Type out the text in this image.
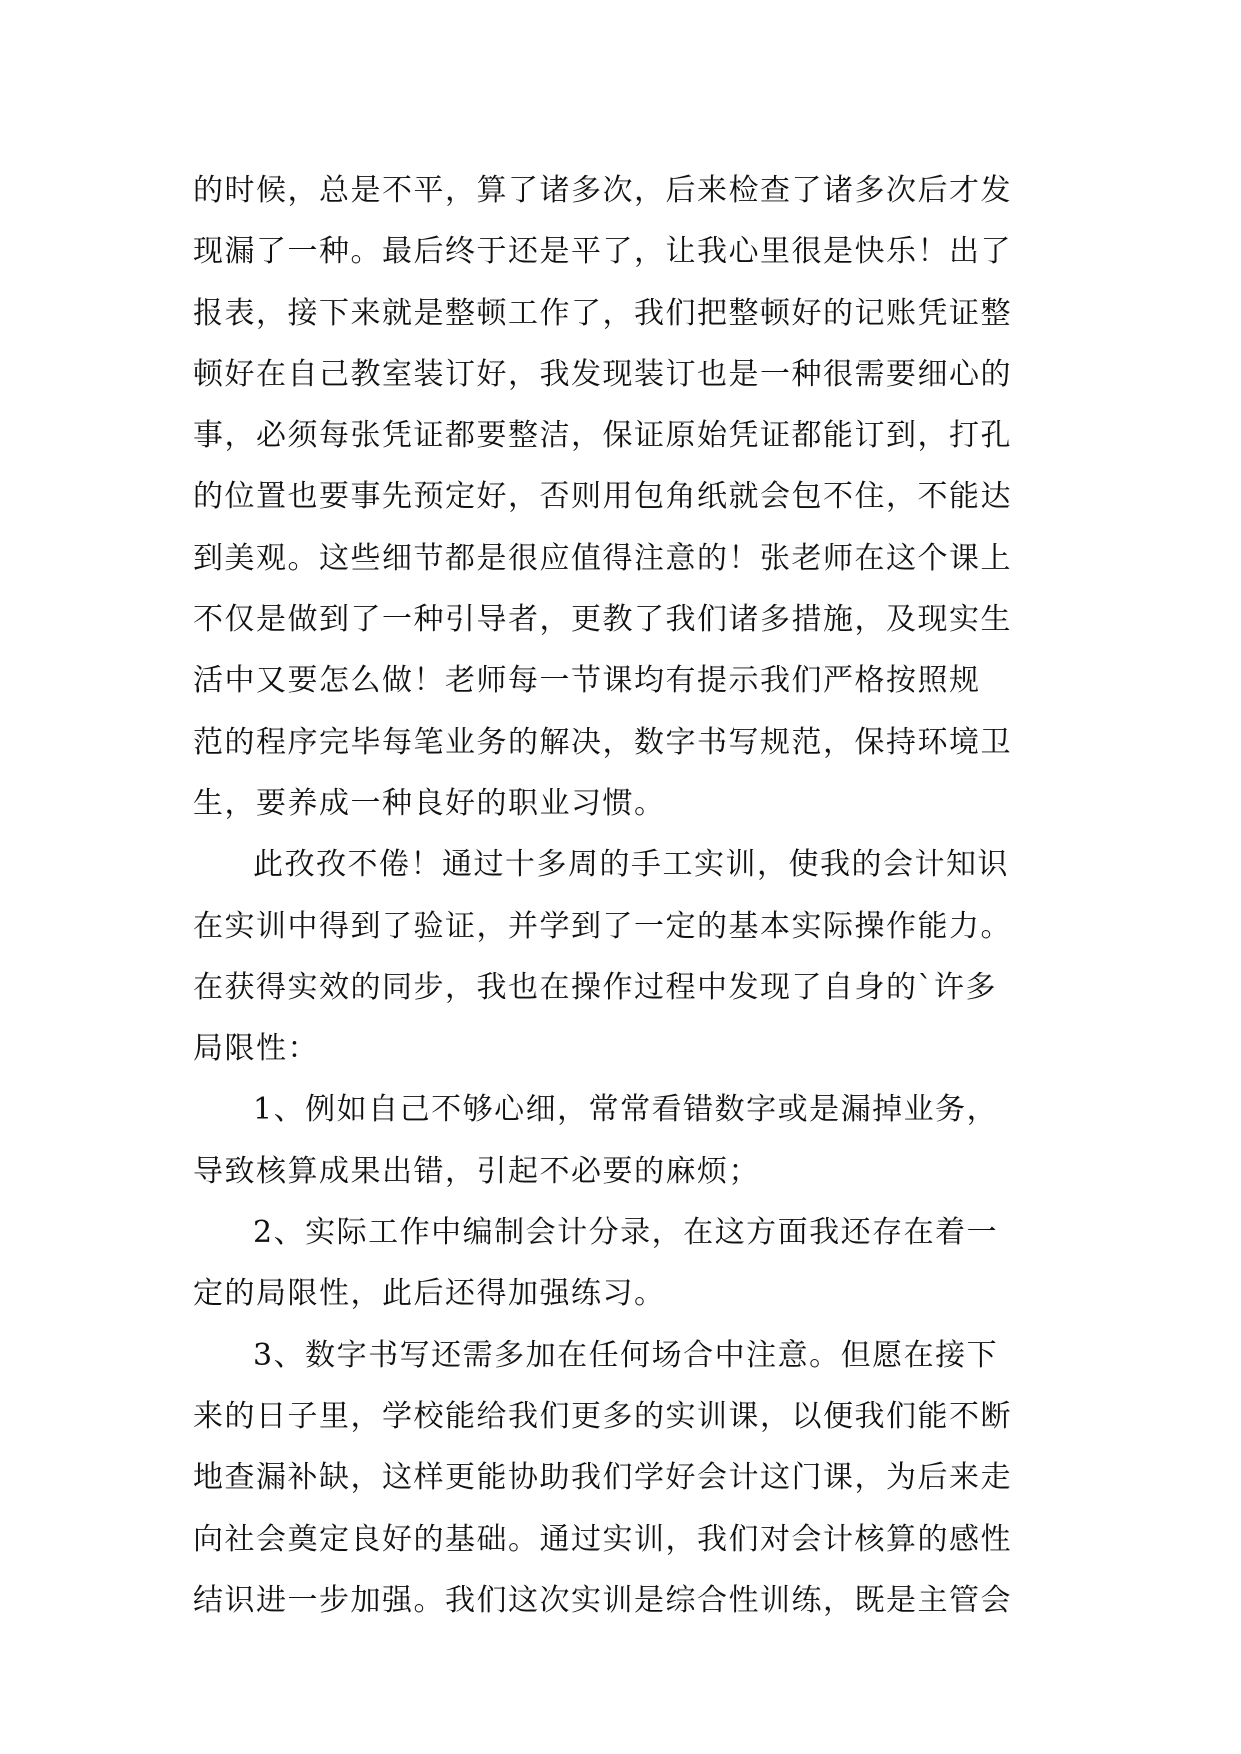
的时候，总是不平，算了诸多次，后来检查了诸多次后才发
现漏了一种。最后终于还是平了，让我心里很是快乐！出了
报表，接下来就是整顿工作了，我们把整顿好的记账凭证整
顿好在自己教室装订好，我发现装订也是一种很需要细心的
事，必须每张凭证都要整洁，保证原始凭证都能订到，打孔
的位置也要事先预定好，否则用包角纸就会包不住，不能达
到美观。这些细节都是很应值得注意的！张老师在这个课上
不仅是做到了一种引导者，更教了我们诸多措施，及现实生
活中又要怎么做！老师每一节课均有提示我们严格按照规
范的程序完毕每笔业务的解决，数字书写规范，保持环境卫
生，要养成一种良好的职业习惯。
此孜孜不倦！通过十多周的手工实训，使我的会计知识
在实训中得到了验证，并学到了一定的基本实际操作能力。
在获得实效的同步，我也在操作过程中发现了自身的`许多
局限性：
1、例如自己不够心细，常常看错数字或是漏掉业务，
导致核算成果出错，引起不必要的麻烦；
2、实际工作中编制会计分录，在这方面我还存在着一
定的局限性，此后还得加强练习。
3、数字书写还需多加在任何场合中注意。但愿在接下
来的日子里，学校能给我们更多的实训课，以便我们能不断
地查漏补缺，这样更能协助我们学好会计这门课，为后来走
向社会奠定良好的基础。通过实训，我们对会计核算的感性
结识进一步加强。我们这次实训是综合性训练，既是主管会
